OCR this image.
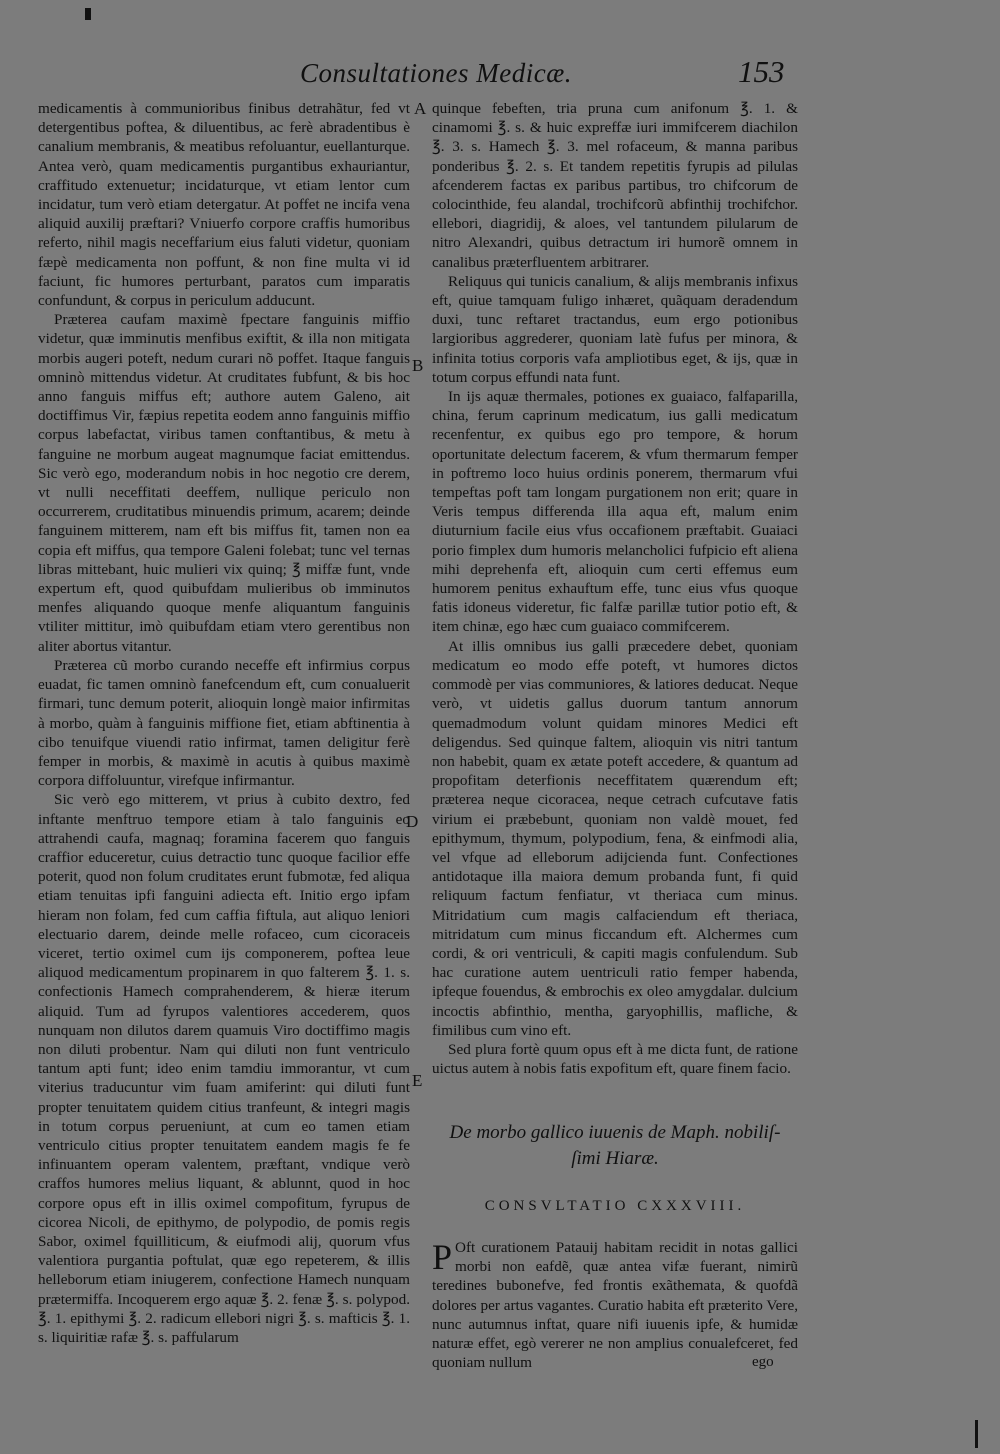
Consultationes Medicæ.	153

medicamentis à communioribus finibus detrahãtur, fed vt detergentibus poftea, & diluentibus, ac ferè abradentibus è canalium membranis, & meatibus refoluantur, euellanturque. Antea verò, quam medicamentis purgantibus exhauriantur, craffitudo extenuetur; incidaturque, vt etiam lentor cum incidatur, tum verò etiam detergatur. At poffet ne incifa vena aliquid auxilij præftari? Vniuerfo corpore craffis humoribus referto, nihil magis neceffarium eius faluti videtur, quoniam fæpè medicamenta non poffunt, & non fine multa vi id faciunt, fic humores perturbant, paratos cum imparatis confundunt, & corpus in periculum adducunt.

Præterea caufam maximè fpectare fanguinis miffio videtur, quæ imminutis menfibus exiftit, & illa non mitigata morbis augeri poteft, nedum curari nõ poffet. Itaque fanguis omninò mittendus videtur. At cruditates fubfunt, & bis hoc anno fanguis miffus eft; authore autem Galeno, ait doctiffimus Vir, fæpius repetita eodem anno fanguinis miffio corpus labefactat, viribus tamen conftantibus, & metu à fanguine ne morbum augeat magnumque faciat emittendus. Sic verò ego, moderandum nobis in hoc negotio cre derem, vt nulli neceffitati deeffem, nullique periculo non occurrerem, cruditatibus minuendis primum, acarem; deinde fanguinem mitterem, nam eft bis miffus fit, tamen non ea copia eft miffus, qua tempore Galeni folebat; tunc vel ternas libras mittebant, huic mulieri vix quinq; ℥ miffæ funt, vnde expertum eft, quod quibufdam mulieribus ob imminutos menfes aliquando quoque menfe aliquantum fanguinis vtiliter mittitur, imò quibufdam etiam vtero gerentibus non aliter abortus vitantur.

Præterea cũ morbo curando neceffe eft infirmius corpus euadat, fic tamen omninò fanefcendum eft, cum conualuerit firmari, tunc demum poterit, alioquin longè maior infirmitas à morbo, quàm à fanguinis miffione fiet, etiam abftinentia à cibo tenuifque viuendi ratio infirmat, tamen deligitur ferè femper in morbis, & maximè in acutis à quibus maximè corpora diffoluuntur, virefque infirmantur.

Sic verò ego mitterem, vt prius à cubito dextro, fed inftante menftruo tempore etiam à talo fanguinis eo attrahendi caufa, magnaq; foramina facerem quo fanguis craffior educeretur, cuius detractio tunc quoque facilior effe poterit, quod non folum cruditates erunt fubmotæ, fed aliqua etiam tenuitas ipfi fanguini adiecta eft. Initio ergo ipfam hieram non folam, fed cum caffia fiftula, aut aliquo leniori electuario darem, deinde melle rofaceo, cum cicoraceis viceret, tertio oximel cum ijs componerem, poftea leue aliquod medicamentum propinarem in quo falterem ℥. 1. s. confectionis Hamech comprahenderem, & hieræ iterum aliquid. Tum ad fyrupos valentiores accederem, quos nunquam non dilutos darem quamuis Viro doctiffimo magis non diluti probentur. Nam qui diluti non funt ventriculo tantum apti funt; ideo enim tamdiu immorantur, vt cum viterius traducuntur vim fuam amiferint: qui diluti funt propter tenuitatem quidem citius tranfeunt, & integri magis in totum corpus perueniunt, at cum eo tamen etiam ventriculo citius propter tenuitatem eandem magis fe fe infinuantem operam valentem, præftant, vndique verò craffos humores melius liquant, & ablunnt, quod in hoc corpore opus eft in illis oximel compofitum, fyrupus de cicorea Nicoli, de epithymo, de polypodio, de pomis regis Sabor, oximel fquilliticum, & eiufmodi alij, quorum vfus valentiora purgantia poftulat, quæ ego repeterem, & illis helleborum etiam iniugerem, confectione Hamech nunquam prætermiffa. Incoquerem ergo aquæ ℥. 2. fenæ ℥. s. polypod. ℥. 1. epithymi ℥. 2. radicum ellebori nigri ℥. s. mafticis ℥. 1. s. liquiritiæ rafæ ℥. s. paffularum

A
B
D
E

quinque febeften, tria pruna cum anifonum ℥. 1. & cinamomi ℥. s. & huic expreffæ iuri immifcerem diachilon ℥. 3. s. Hamech ℥. 3. mel rofaceum, & manna paribus ponderibus ℥. 2. s. Et tandem repetitis fyrupis ad pilulas afcenderem factas ex paribus partibus, tro chifcorum de colocinthide, feu alandal, trochifcorũ abfinthij trochifchor. ellebori, diagridij, & aloes, vel tantundem pilularum de nitro Alexandri, quibus detractum iri humorẽ omnem in canalibus præterfluentem arbitrarer.

Reliquus qui tunicis canalium, & alijs membranis infixus eft, quiue tamquam fuligo inhæret, quãquam deradendum duxi, tunc reftaret tractandus, eum ergo potionibus largioribus aggrederer, quoniam latè fufus per minora, & infinita totius corporis vafa ampliotibus eget, & ijs, quæ in totum corpus effundi nata funt.

In ijs aquæ thermales, potiones ex guaiaco, falfaparilla, china, ferum caprinum medicatum, ius galli medicatum recenfentur, ex quibus ego pro tempore, & horum oportunitate delectum facerem, & vfum thermarum femper in poftremo loco huius ordinis ponerem, thermarum vfui tempeftas poft tam longam purgationem non erit; quare in Veris tempus differenda illa aqua eft, malum enim diuturnium facile eius vfus occafionem præftabit. Guaiaci porio fimplex dum humoris melancholici fufpicio eft aliena mihi deprehenfa eft, alioquin cum certi effemus eum humorem penitus exhauftum effe, tunc eius vfus quoque fatis idoneus videretur, fic falfæ parillæ tutior potio eft, & item chinæ, ego hæc cum guaiaco commifcerem.

At illis omnibus ius galli præcedere debet, quoniam medicatum eo modo effe poteft, vt humores dictos commodè per vias communiores, & latiores deducat. Neque verò, vt uidetis gallus duorum tantum annorum quemadmodum volunt quidam minores Medici eft deligendus. Sed quinque faltem, alioquin vis nitri tantum non habebit, quam ex ætate poteft accedere, & quantum ad propofitam deterfionis neceffitatem quærendum eft; præterea neque cicoracea, neque cetrach cufcutave fatis virium ei præbebunt, quoniam non valdè mouet, fed epithymum, thymum, polypodium, fena, & einfmodi alia, vel vfque ad elleborum adijcienda funt. Confectiones antidotaque illa maiora demum probanda funt, fi quid reliquum factum fenfiatur, vt theriaca cum minus. Mitridatium cum magis calfaciendum eft theriaca, mitridatum cum minus ficcandum eft. Alchermes cum cordi, & ori ventriculi, & capiti magis confulendum. Sub hac curatione autem uentriculi ratio femper habenda, ipfeque fouendus, & embrochis ex oleo amygdalar. dulcium incoctis abfinthio, mentha, garyophillis, mafliche, & fimilibus cum vino eft.

Sed plura fortè quum opus eft à me dicta funt, de ratione uictus autem à nobis fatis expofitum eft, quare finem facio.

De morbo gallico iuuenis de Maph. nobiliſ-
ſimi Hiaræ.
CONSVLTATIO CXXXVIII.
P Oft curationem Patauij habitam recidit in notas gallici morbi non eafdẽ, quæ antea vifæ fuerant, nimirũ teredines bubonefve, fed frontis exãthemata, & quofdã dolores per artus vagantes. Curatio habita eft præterito Vere, nunc autumnus inftat, quare nifi iuuenis ipfe, & humidæ naturæ effet, egò vererer ne non amplius conualefceret, fed quoniam nullum	ego
